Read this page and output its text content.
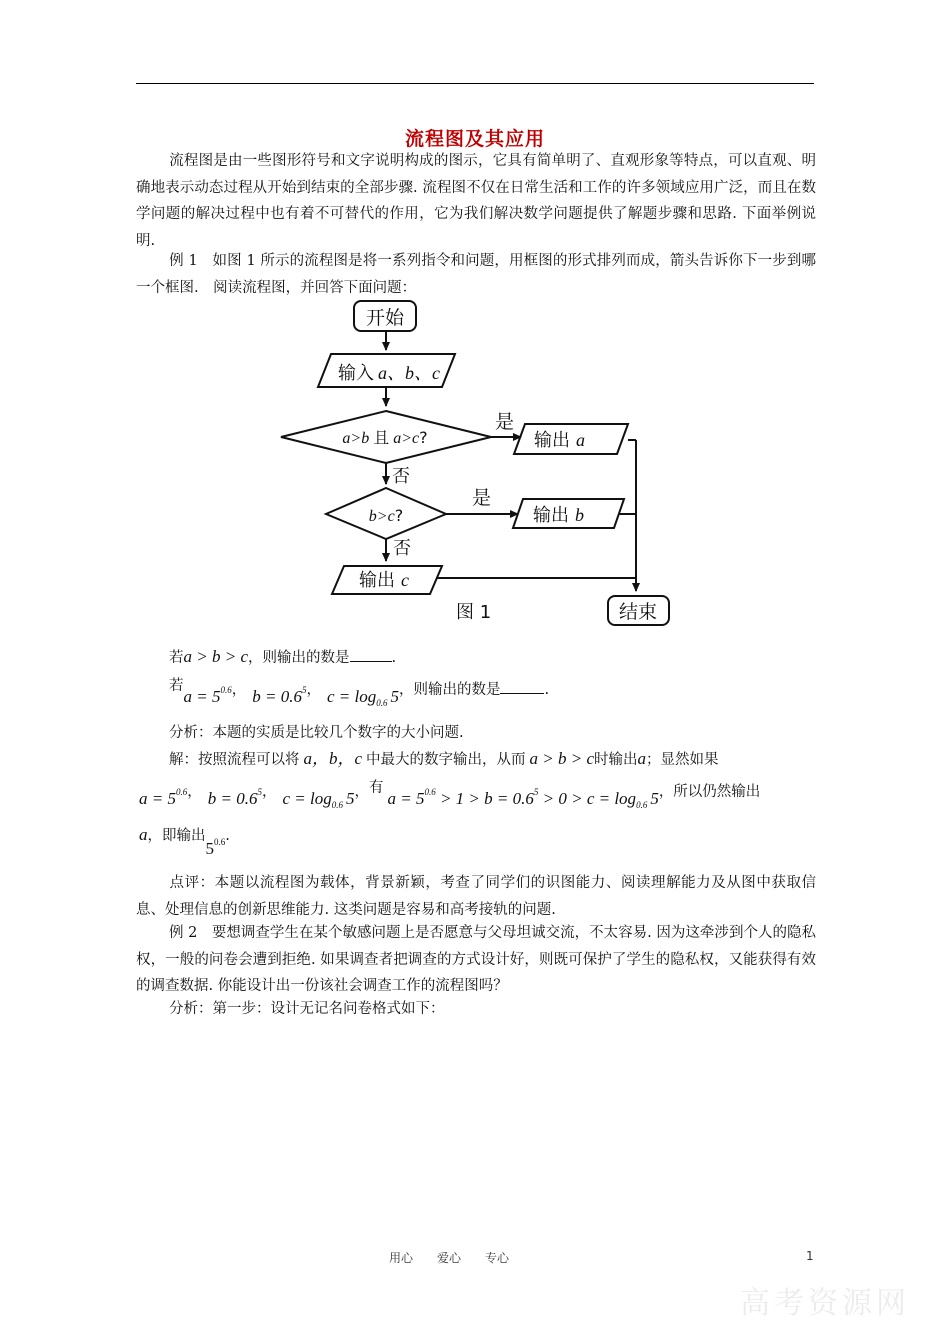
流程图及其应用
流程图是由一些图形符号和文字说明构成的图示，它具有简单明了、直观形象等特点，可以直观、明确地表示动态过程从开始到结束的全部步骤. 流程图不仅在日常生活和工作的许多领域应用广泛，而且在数学问题的解决过程中也有着不可替代的作用，它为我们解决数学问题提供了解题步骤和思路. 下面举例说明.
例 1　如图 1 所示的流程图是将一系列指令和问题，用框图的形式排列而成，箭头告诉你下一步到哪一个框图.　阅读流程图，并回答下面问题：
开始
输入 a、b、c
a>b 且 a>c?
是
否
输出 a
b>c?
是
输出 b
否
输出 c
结束
图 1
若a > b > c，则输出的数是	.
若$a = 5^{0.6}$， $b = 0.6^5$， $c = \log_{0.6} 5$，则输出的数是	.
分析：本题的实质是比较几个数字的大小问题.
解：按照流程可以将 a，b，c 中最大的数字输出，从而 a > b > c时输出a；显然如果
$a = 5^{0.6}$， $b = 0.6^5$， $c = \log_{0.6} 5$，有$a = 5^{0.6} > 1 > b = 0.6^5 > 0 > c = \log_{0.6} 5$，所以仍然输出
a，即输出$5^{0.6}$.
点评：本题以流程图为载体，背景新颖，考查了同学们的识图能力、阅读理解能力及从图中获取信息、处理信息的创新思维能力. 这类问题是容易和高考接轨的问题.
例 2　要想调查学生在某个敏感问题上是否愿意与父母坦诚交流，不太容易. 因为这牵涉到个人的隐私权，一般的问卷会遭到拒绝. 如果调查者把调查的方式设计好，则既可保护了学生的隐私权，又能获得有效的调查数据. 你能设计出一份该社会调查工作的流程图吗？
分析：第一步：设计无记名问卷格式如下：
用心　　爱心　　专心	1
高考资源网
